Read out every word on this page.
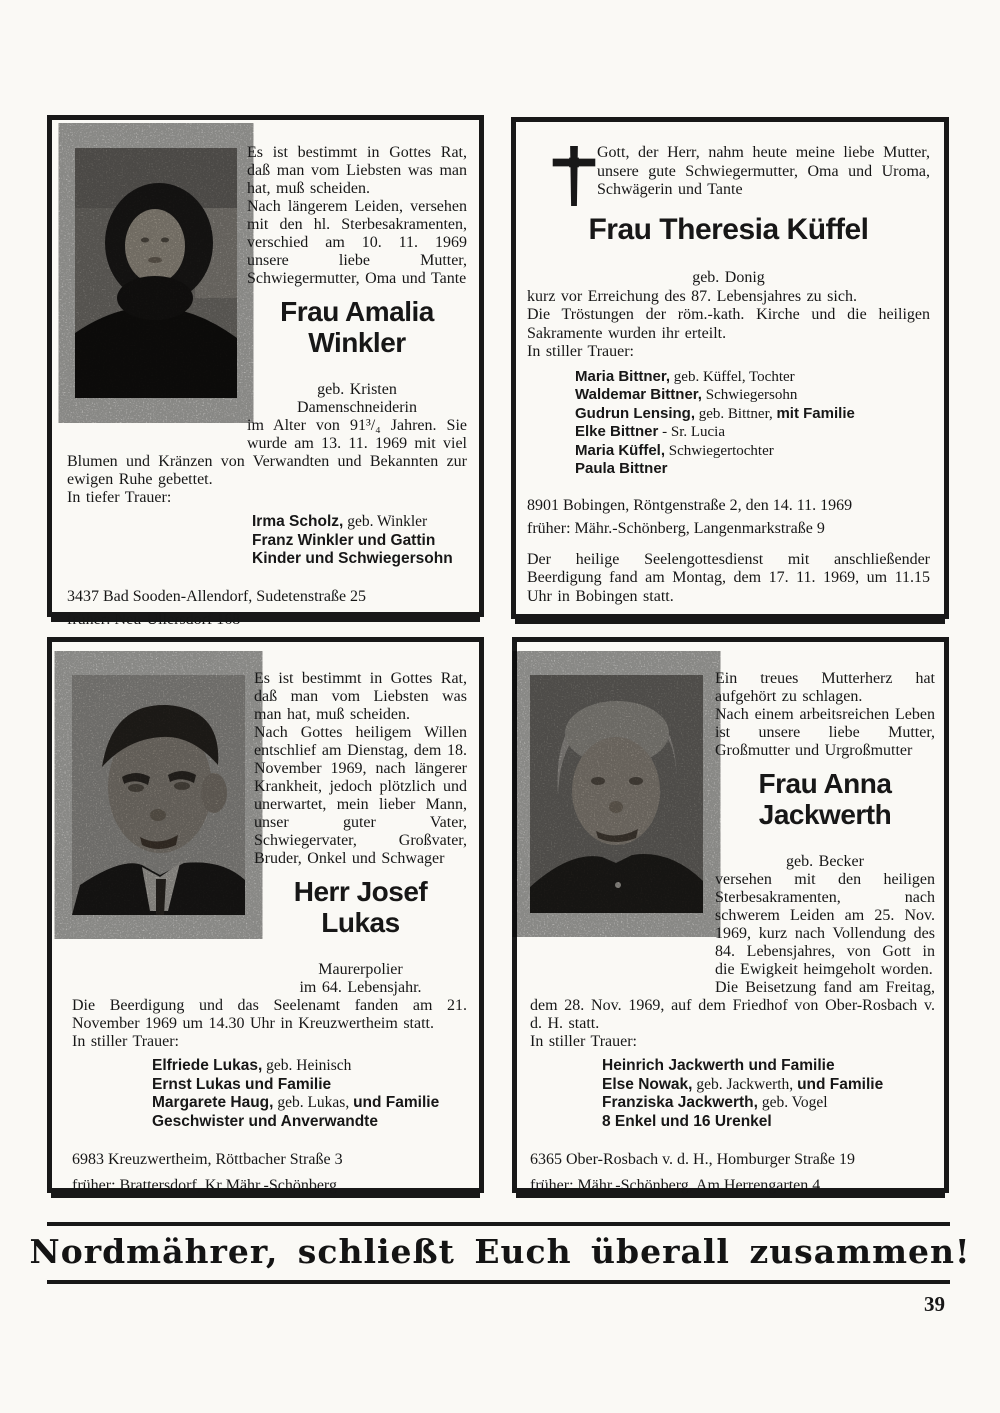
Es ist bestimmt in Gottes Rat, daß man vom Liebsten was man hat, muß scheiden.

Nach längerem Leiden, versehen mit den hl. Sterbesakramenten, verschied am 10. 11. 1969 unsere liebe Mutter, Schwiegermutter, Oma und Tante

Frau Amalia Winkler

geb. Kristen

Damenschneiderin

im Alter von 91³/₄ Jahren. Sie wurde am 13. 11. 1969 mit viel Blumen und Kränzen von Verwandten und Bekannten zur ewigen Ruhe gebettet.

In tiefer Trauer:

Irma Scholz, geb. Winkler
Franz Winkler und Gattin
Kinder und Schwiegersohn
3437 Bad Sooden-Allendorf, Sudetenstraße 25
früher: Neu-Ullersdorf 168

Gott, der Herr, nahm heute meine liebe Mutter, unsere gute Schwiegermutter, Oma und Uroma, Schwägerin und Tante

Frau Theresia Küffel

geb. Donig

kurz vor Erreichung des 87. Lebensjahres zu sich.

Die Tröstungen der röm.-kath. Kirche und die heiligen Sakramente wurden ihr erteilt.

In stiller Trauer:

Maria Bittner, geb. Küffel, Tochter
Waldemar Bittner, Schwiegersohn
Gudrun Lensing, geb. Bittner, mit Familie
Elke Bittner - Sr. Lucia
Maria Küffel, Schwiegertochter
Paula Bittner
8901 Bobingen, Röntgenstraße 2, den 14. 11. 1969
früher: Mähr.-Schönberg, Langenmarkstraße 9

Der heilige Seelengottesdienst mit anschließender Beerdigung fand am Montag, dem 17. 11. 1969, um 11.15 Uhr in Bobingen statt.

Es ist bestimmt in Gottes Rat, daß man vom Liebsten was man hat, muß scheiden.

Nach Gottes heiligem Willen entschlief am Dienstag, dem 18. November 1969, nach längerer Krankheit, jedoch plötzlich und unerwartet, mein lieber Mann, unser guter Vater, Schwiegervater, Großvater, Bruder, Onkel und Schwager

Herr Josef Lukas

Maurerpolier

im 64. Lebensjahr.

Die Beerdigung und das Seelenamt fanden am 21. November 1969 um 14.30 Uhr in Kreuzwertheim statt.

In stiller Trauer:

Elfriede Lukas, geb. Heinisch
Ernst Lukas und Familie
Margarete Haug, geb. Lukas, und Familie
Geschwister und Anverwandte
6983 Kreuzwertheim, Röttbacher Straße 3
früher: Brattersdorf, Kr Mähr.-Schönberg

Ein treues Mutterherz hat aufgehört zu schlagen.

Nach einem arbeitsreichen Leben ist unsere liebe Mutter, Großmutter und Urgroßmutter

Frau Anna Jackwerth

geb. Becker

versehen mit den heiligen Sterbesakramenten, nach schwerem Leiden am 25. Nov. 1969, kurz nach Vollendung des 84. Lebensjahres, von Gott in die Ewigkeit heimgeholt worden.

Die Beisetzung fand am Freitag, dem 28. Nov. 1969, auf dem Friedhof von Ober-Rosbach v. d. H. statt.

In stiller Trauer:

Heinrich Jackwerth und Familie
Else Nowak, geb. Jackwerth, und Familie
Franziska Jackwerth, geb. Vogel
8 Enkel und 16 Urenkel
6365 Ober-Rosbach v. d. H., Homburger Straße 19
früher: Mähr.-Schönberg, Am Herrengarten 4
Nordmährer, schließt Euch überall zusammen!
39
